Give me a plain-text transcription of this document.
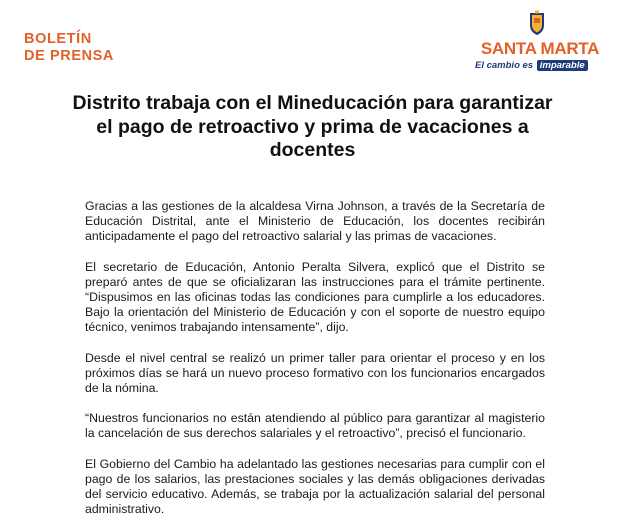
BOLETÍN
DE PRENSA	SANTA MARTA
El cambio es imparable
Distrito trabaja con el Mineducación para garantizar el pago de retroactivo y prima de vacaciones a docentes

Gracias a las gestiones de la alcaldesa Virna Johnson, a través de la Secretaría de Educación Distrital, ante el Ministerio de Educación, los docentes recibirán anticipadamente el pago del retroactivo salarial y las primas de vacaciones.

El secretario de Educación, Antonio Peralta Silvera, explicó que el Distrito se preparó antes de que se oficializaran las instrucciones para el trámite pertinente. “Dispusimos en las oficinas todas las condiciones para cumplirle a los educadores. Bajo la orientación del Ministerio de Educación y con el soporte de nuestro equipo técnico, venimos trabajando intensamente”, dijo.

Desde el nivel central se realizó un primer taller para orientar el proceso y en los próximos días se hará un nuevo proceso formativo con los funcionarios encargados de la nómina.

“Nuestros funcionarios no están atendiendo al público para garantizar al magisterio la cancelación de sus derechos salariales y el retroactivo”, precisó el funcionario.

El Gobierno del Cambio ha adelantado las gestiones necesarias para cumplir con el pago de los salarios, las prestaciones sociales y las demás obligaciones derivadas del servicio educativo. Además, se trabaja por la actualización salarial del personal administrativo.
